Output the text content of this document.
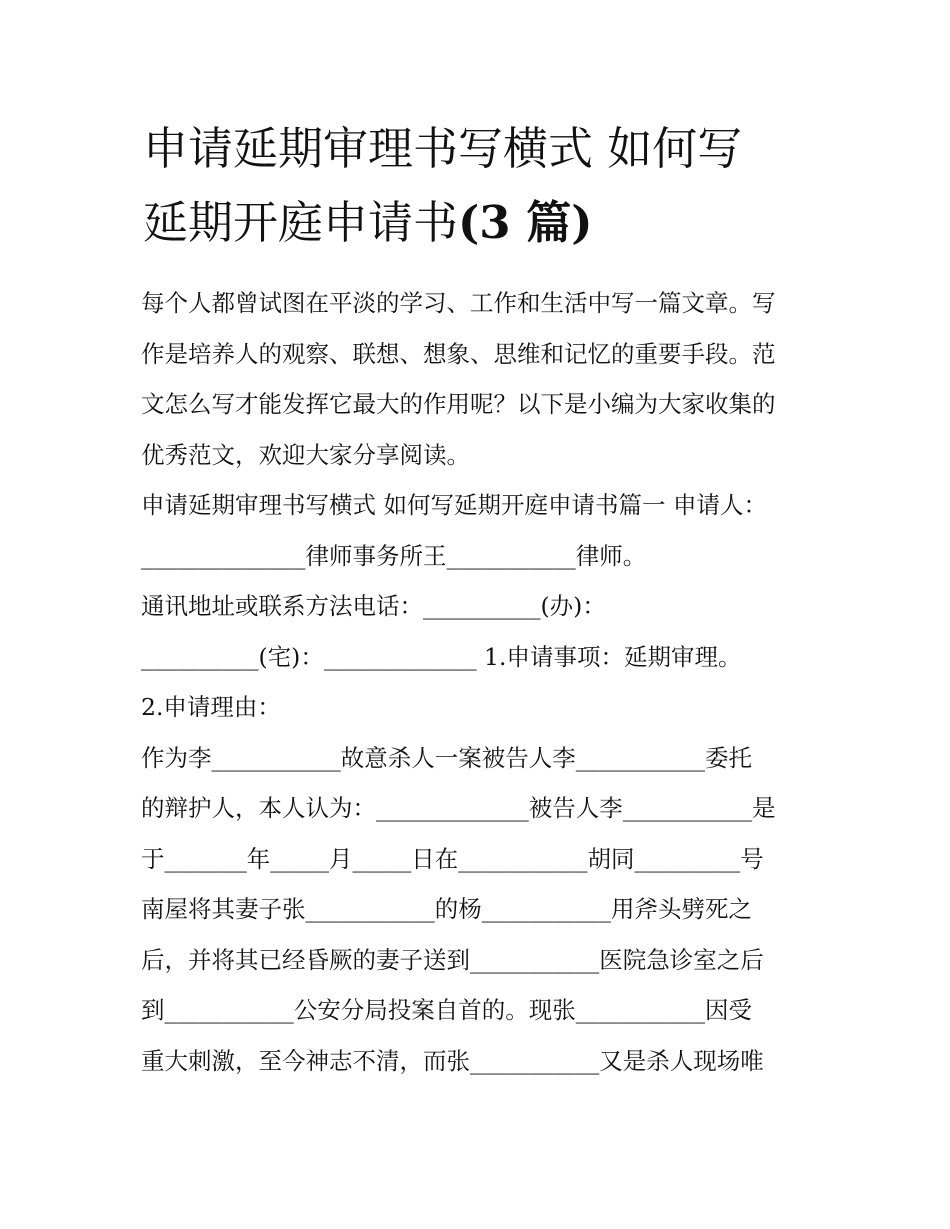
申请延期审理书写横式 如何写
延期开庭申请书(3 篇)
每个人都曾试图在平淡的学习、工作和生活中写一篇文章。写
作是培养人的观察、联想、想象、思维和记忆的重要手段。范
文怎么写才能发挥它最大的作用呢？以下是小编为大家收集的
优秀范文，欢迎大家分享阅读。
申请延期审理书写横式 如何写延期开庭申请书篇一 申请人：
______________律师事务所王___________律师。
通讯地址或联系方法电话：__________(办)：
__________(宅)：_____________ 1.申请事项：延期审理。
2.申请理由：
作为李___________故意杀人一案被告人李___________委托
的辩护人，本人认为：_____________被告人李___________是
于_______年_____月_____日在___________胡同_________号
南屋将其妻子张___________的杨___________用斧头劈死之
后，并将其已经昏厥的妻子送到___________医院急诊室之后
到___________公安分局投案自首的。现张___________因受
重大刺激，至今神志不清，而张___________又是杀人现场唯
